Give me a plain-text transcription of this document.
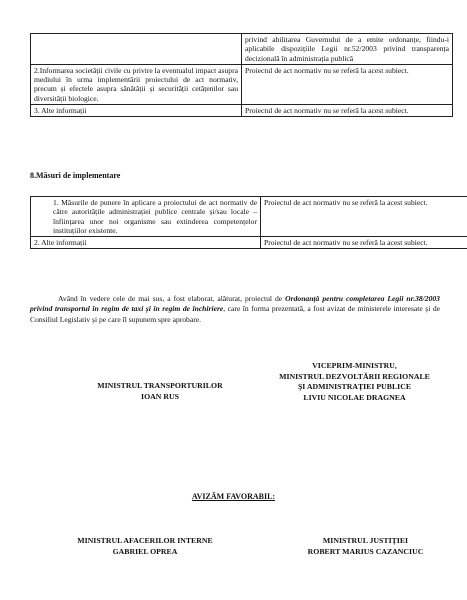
	privind abilitarea Guvernului de a emite ordonanțe, fiindu-i aplicabile dispozițiile Legii nr.52/2003 privind transparența decizională în administrația publică
2.Informarea societății civile cu privire la eventualul impact asupra mediului în urma implementării proiectului de act normativ, precum și efectele asupra sănătății și securității cetățenilor sau diversității biologice.	Proiectul de act normativ nu se referă la acest subiect.
3. Alte informații	Proiectul de act normativ nu se referă la acest subiect.
8.Măsuri de implementare
1. Măsurile de punere în aplicare a proiectului de act normativ de către autoritățile administrației publice centrale și/sau locale – înființarea unor noi organisme sau extinderea competențelor instituțiilor existente.	Proiectul de act normativ nu se referă la acest subiect.
2. Alte informații	Proiectul de act normativ nu se referă la acest subiect.
Având în vedere cele de mai sus, a fost elaborat, alăturat, proiectul de Ordonanță pentru completarea Legii nr.38/2003 privind transportul în regim de taxi și în regim de închiriere, care în forma prezentată, a fost avizat de ministerele interesate și de Consiliul Legislativ și pe care îl supunem spre aprobare.
MINISTRUL TRANSPORTURILOR
IOAN RUS
VICEPRIM-MINISTRU,
MINISTRUL DEZVOLTĂRII REGIONALE
ŞI ADMINISTRAȚIEI PUBLICE
LIVIU NICOLAE DRAGNEA
AVIZĂM FAVORABIL:
MINISTRUL AFACERILOR INTERNE
GABRIEL OPREA
MINISTRUL JUSTIȚIEI
ROBERT MARIUS CAZANCIUC
